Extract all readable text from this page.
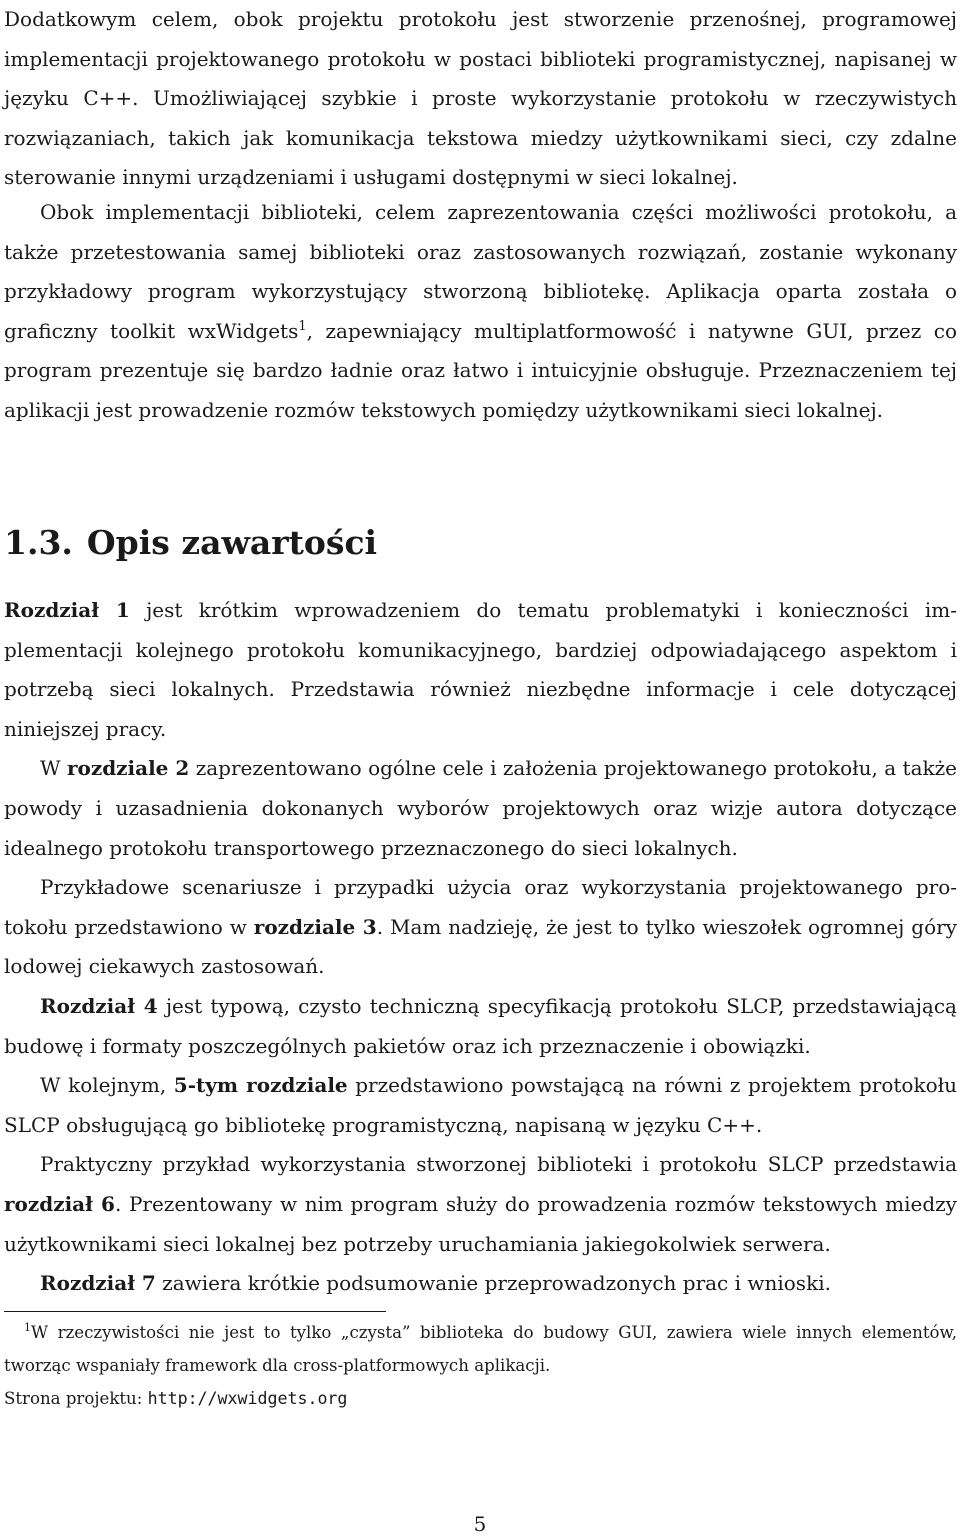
Dodatkowym celem, obok projektu protokołu jest stworzenie przenośnej, programowej implementacji projektowanego protokołu w postaci biblioteki programistycznej, napisanej w języku C++. Umożliwiającej szybkie i proste wykorzystanie protokołu w rzeczywistych rozwiązaniach, takich jak komunikacja tekstowa miedzy użytkownikami sieci, czy zdalne sterowanie innymi urządzeniami i usługami dostępnymi w sieci lokalnej.

Obok implementacji biblioteki, celem zaprezentowania części możliwości protokołu, a także przetestowania samej biblioteki oraz zastosowanych rozwiązań, zostanie wykonany przykładowy program wykorzystujący stworzoną bibliotekę. Aplikacja oparta została o graficzny toolkit wxWidgets$^1$, zapewniający multiplatformowość i natywne GUI, przez co program prezentuje się bardzo ładnie oraz łatwo i intuicyjnie obsługuje. Przeznaczeniem tej aplikacji jest prowadzenie rozmów tekstowych pomiędzy użytkownikami sieci lokalnej.

1.3. Opis zawartości

Rozdział 1 jest krótkim wprowadzeniem do tematu problematyki i konieczności implementacji kolejnego protokołu komunikacyjnego, bardziej odpowiadającego aspektom i potrzebą sieci lokalnych. Przedstawia również niezbędne informacje i cele dotyczącej niniejszej pracy.

W rozdziale 2 zaprezentowano ogólne cele i założenia projektowanego protokołu, a także powody i uzasadnienia dokonanych wyborów projektowych oraz wizje autora dotyczące idealnego protokołu transportowego przeznaczonego do sieci lokalnych.

Przykładowe scenariusze i przypadki użycia oraz wykorzystania projektowanego protokołu przedstawiono w rozdziale 3. Mam nadzieję, że jest to tylko wieszołek ogromnej góry lodowej ciekawych zastosowań.

Rozdział 4 jest typową, czysto techniczną specyfikacją protokołu SLCP, przedstawiającą budowę i formaty poszczególnych pakietów oraz ich przeznaczenie i obowiązki.

W kolejnym, 5-tym rozdziale przedstawiono powstającą na równi z projektem protokołu SLCP obsługującą go bibliotekę programistyczną, napisaną w języku C++.

Praktyczny przykład wykorzystania stworzonej biblioteki i protokołu SLCP przedstawia rozdział 6. Prezentowany w nim program służy do prowadzenia rozmów tekstowych miedzy użytkownikami sieci lokalnej bez potrzeby uruchamiania jakiegokolwiek serwera.

Rozdział 7 zawiera krótkie podsumowanie przeprowadzonych prac i wnioski.

$^1$W rzeczywistości nie jest to tylko „czysta” biblioteka do budowy GUI, zawiera wiele innych elementów, tworząc wspaniały framework dla cross-platformowych aplikacji.

Strona projektu: http://wxwidgets.org

5
